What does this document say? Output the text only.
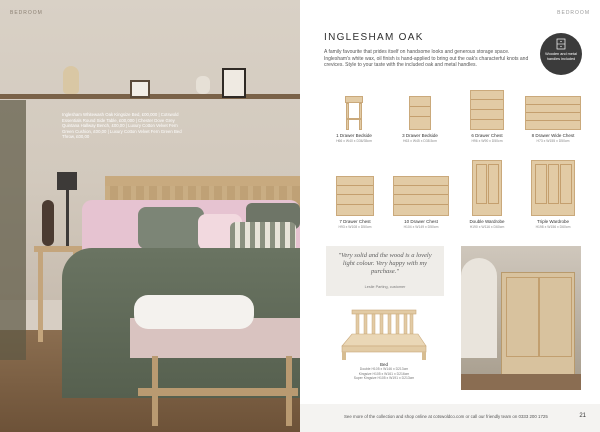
BEDROOM
Inglesham Whitewash Oak Kingsize Bed, £00,000 | Cotswold Essentials Round Side Table, £00,000 | Chester Dove Grey Quintana Hallway Bench, £00,00 | Luxury Cotton Velvet Fern Green Cushion, £00,00 | Luxury Cotton Velvet Fern Green Bed Throw, £00,00
BEDROOM
INGLESHAM OAK
A family favourite that prides itself on handsome looks and generous storage space. Inglesham's white wax, oil finish is hand-applied to bring out the oak's characterful knots and crevices. Style to your taste with the included oak and metal handles.
Wooden and metal handles included
1 Drawer Bedside
H66 x W40 x D36/35cm
3 Drawer Bedside
H63 x W45 x D38.5cm
6 Drawer Chest
H96 x W90 x D50cm
8 Drawer Wide Chest
H73 x W155 x D50cm
7 Drawer Chest
H93 x W108 x D50cm
10 Drawer Chest
H104 x W149 x D50cm
Double Wardrobe
H190 x W116 x D60cm
Triple Wardrobe
H198 x W156 x D60cm
"Very solid and the wood is a lovely light colour. Very happy with my purchase."
Leslie Parting, customer
Bed
Double H105 x W146 x D213cm
Kingsize H105 x W161 x D216cm
Super Kingsize H105 x W191 x D213cm
See more of the collection and shop online at cotswoldco.com or call our friendly team on 0333 200 1725	21
